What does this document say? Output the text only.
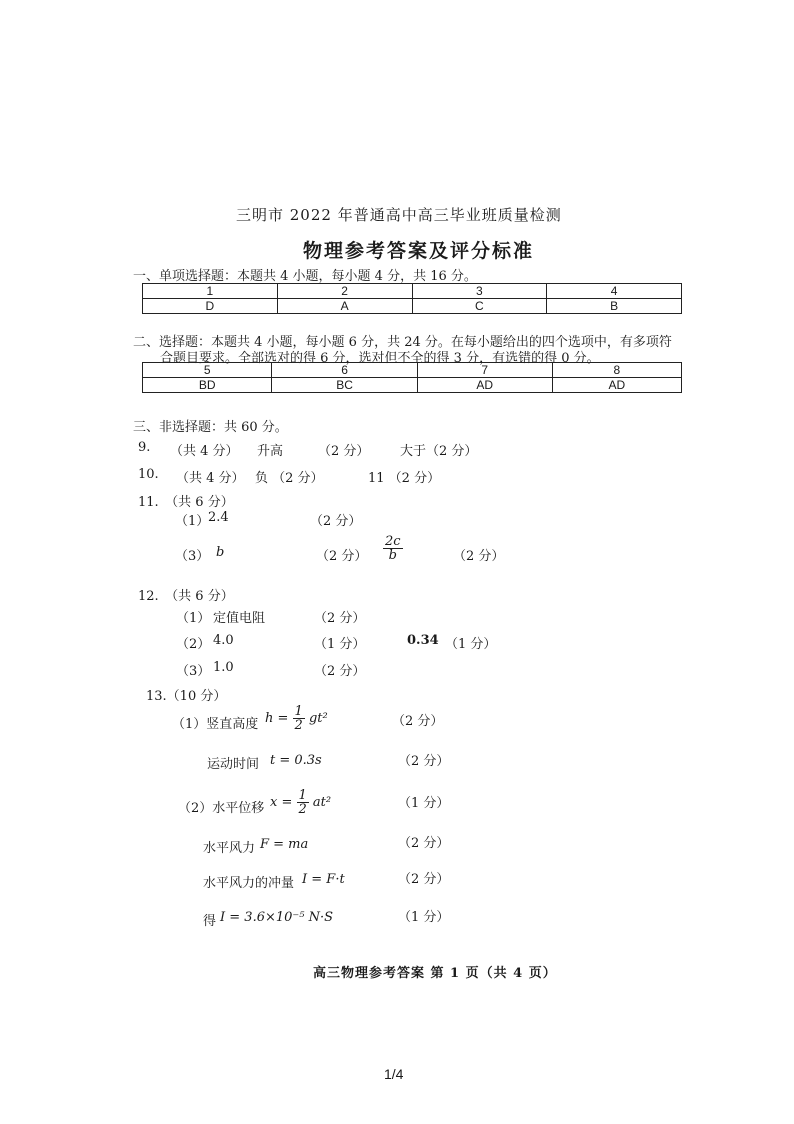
三明市 2022 年普通高中高三毕业班质量检测
物理参考答案及评分标准
一、单项选择题：本题共 4 小题，每小题 4 分，共 16 分。
1	2	3	4
D	A	C	B
二、选择题：本题共 4 小题，每小题 6 分，共 24 分。在每小题给出的四个选项中，有多项符
合题目要求。全部选对的得 6 分，选对但不全的得 3 分，有选错的得 0 分。
5	6	7	8
BD	BC	AD	AD
三、非选择题：共 60 分。
9. （共 4 分） 升高	（2 分） 大于（2 分）
10. （共 4 分） 负 （2 分）	11 （2 分）
11.　（共 6 分）
（1）
2.4	（2 分）
（3） b	（2 分） $\frac{2c}{b}$	（2 分）
12.　（共 6 分）
（1） 定值电阻	（2 分）
（2） 4.0	（1 分）	0.34 （1 分）
（3） 1.0	（2 分）
13.（10 分）
（1）竖直高度 $h = \frac{1}{2} gt^2$	（2 分）
运动时间 t = 0.3s	（2 分）
（2）水平位移 $x = \frac{1}{2} at^2$	（1 分）
水平风力 F = ma	（2 分）
水平风力的冲量 I = F·t	（2 分）
得 I = 3.6×10⁻⁵ N·S	（1 分）
高三物理参考答案 第 1 页（共 4 页）
1/4
